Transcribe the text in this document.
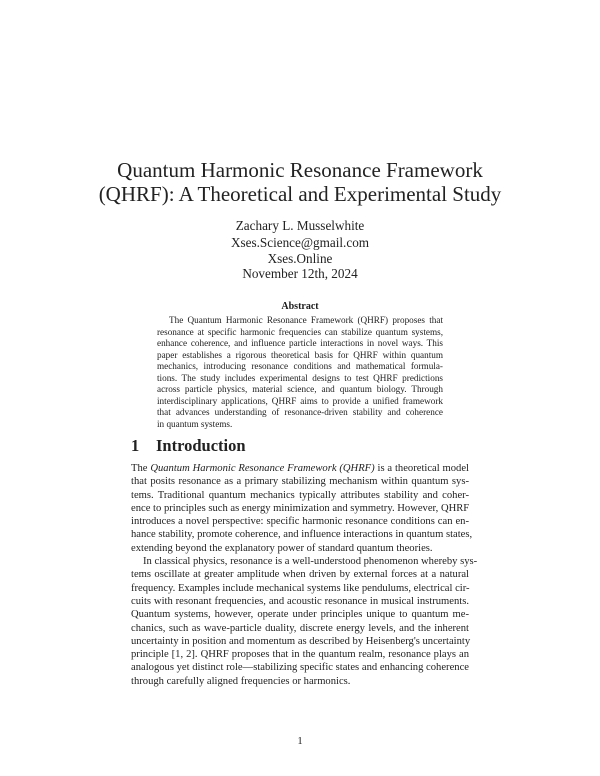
Quantum Harmonic Resonance Framework
(QHRF): A Theoretical and Experimental Study
Zachary L. Musselwhite
Xses.Science@gmail.com
Xses.Online
November 12th, 2024
Abstract
The Quantum Harmonic Resonance Framework (QHRF) proposes that
resonance at specific harmonic frequencies can stabilize quantum systems,
enhance coherence, and influence particle interactions in novel ways. This
paper establishes a rigorous theoretical basis for QHRF within quantum
mechanics, introducing resonance conditions and mathematical formula-
tions. The study includes experimental designs to test QHRF predictions
across particle physics, material science, and quantum biology. Through
interdisciplinary applications, QHRF aims to provide a unified framework
that advances understanding of resonance-driven stability and coherence
in quantum systems.
1 Introduction
The Quantum Harmonic Resonance Framework (QHRF) is a theoretical model
that posits resonance as a primary stabilizing mechanism within quantum sys-
tems. Traditional quantum mechanics typically attributes stability and coher-
ence to principles such as energy minimization and symmetry. However, QHRF
introduces a novel perspective: specific harmonic resonance conditions can en-
hance stability, promote coherence, and influence interactions in quantum states,
extending beyond the explanatory power of standard quantum theories.
In classical physics, resonance is a well-understood phenomenon whereby sys-
tems oscillate at greater amplitude when driven by external forces at a natural
frequency. Examples include mechanical systems like pendulums, electrical cir-
cuits with resonant frequencies, and acoustic resonance in musical instruments.
Quantum systems, however, operate under principles unique to quantum me-
chanics, such as wave-particle duality, discrete energy levels, and the inherent
uncertainty in position and momentum as described by Heisenberg's uncertainty
principle [1, 2]. QHRF proposes that in the quantum realm, resonance plays an
analogous yet distinct role—stabilizing specific states and enhancing coherence
through carefully aligned frequencies or harmonics.
1
